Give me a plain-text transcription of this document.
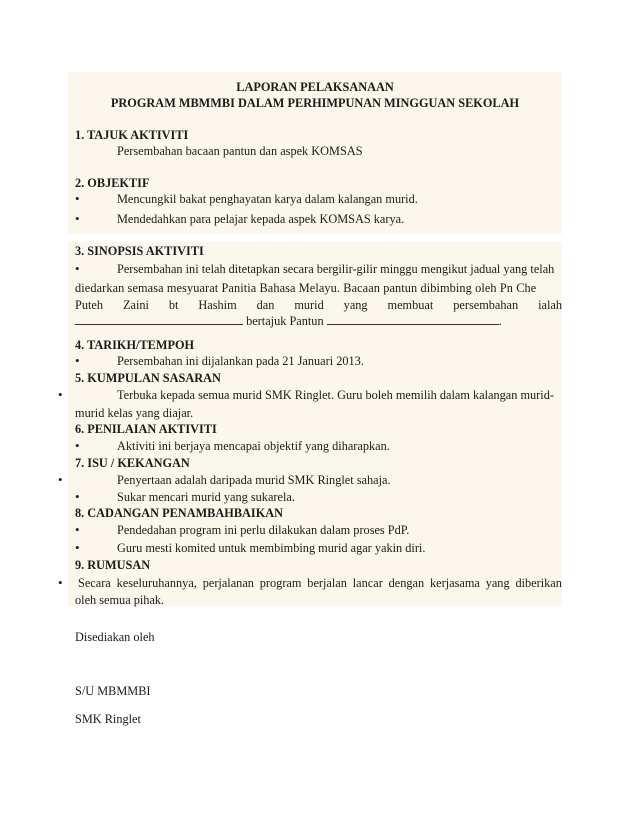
LAPORAN PELAKSANAAN
PROGRAM MBMMBI DALAM PERHIMPUNAN MINGGUAN SEKOLAH
1. TAJUK AKTIVITI
Persembahan bacaan pantun dan aspek KOMSAS
2. OBJEKTIF
•	Mencungkil bakat penghayatan karya dalam kalangan murid.
•	Mendedahkan para pelajar kepada aspek KOMSAS karya.
3. SINOPSIS AKTIVITI
•	Persembahan ini telah ditetapkan secara bergilir-gilir minggu mengikut jadual yang telah
diedarkan semasa mesyuarat Panitia Bahasa Melayu. Bacaan pantun dibimbing oleh Pn Che
Puteh Zaini bt Hashim dan murid yang membuat persembahan ialah
bertajuk Pantun	.
4. TARIKH/TEMPOH
•	Persembahan ini dijalankan pada 21 Januari 2013.
5. KUMPULAN SASARAN
•	Terbuka kepada semua murid SMK Ringlet. Guru boleh memilih dalam kalangan murid-
murid kelas yang diajar.
6. PENILAIAN AKTIVITI
•	Aktiviti ini berjaya mencapai objektif yang diharapkan.
7. ISU / KEKANGAN
•	Penyertaan adalah daripada murid SMK Ringlet sahaja.
•	Sukar mencari murid yang sukarela.
8. CADANGAN PENAMBAHBAIKAN
•	Pendedahan program ini perlu dilakukan dalam proses PdP.
•	Guru mesti komited untuk membimbing murid agar yakin diri.
9. RUMUSAN
• Secara keseluruhannya, perjalanan program berjalan lancar dengan kerjasama yang diberikan
oleh semua pihak.
Disediakan oleh
S/U MBMMBI
SMK Ringlet
